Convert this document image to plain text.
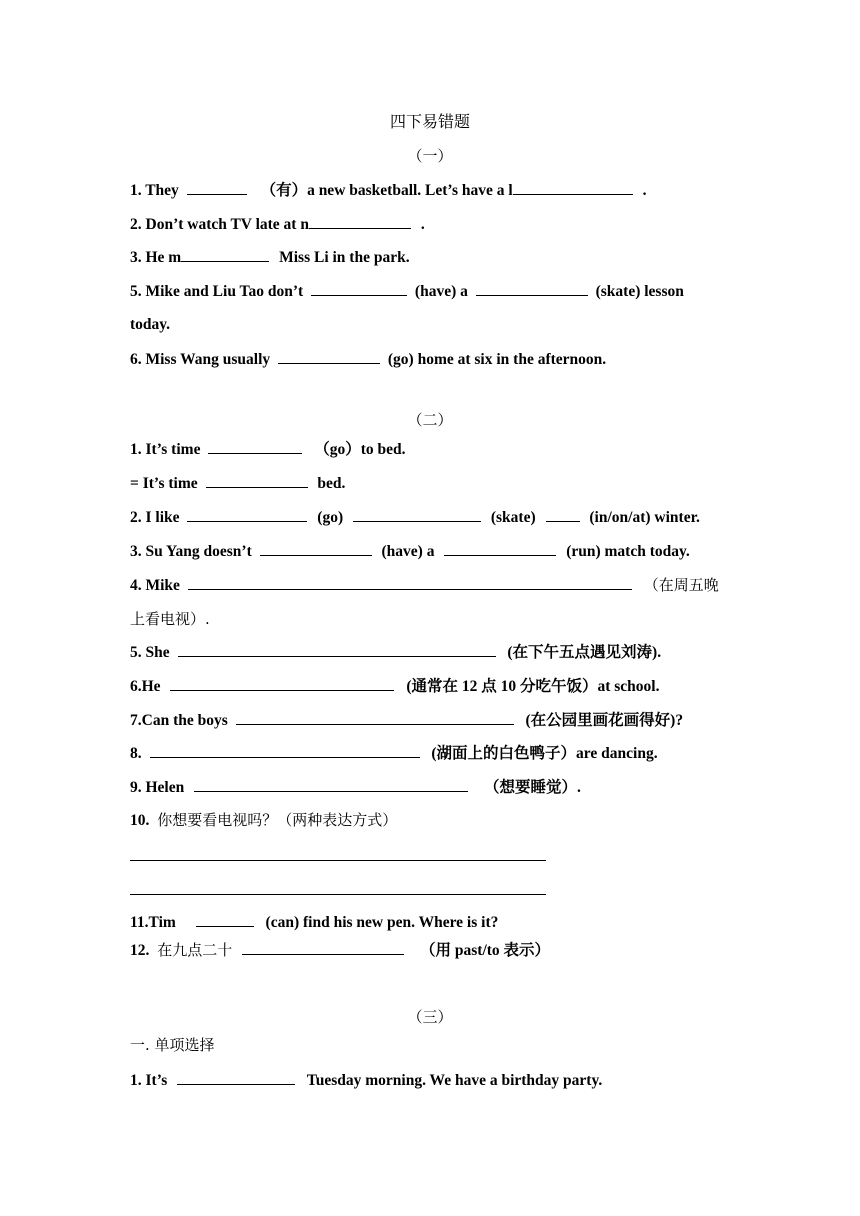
四下易错题
（一）
1. They	（有）a new basketball. Let’s have a l	.
2. Don’t watch TV late at n	.
3. He m	Miss Li in the park.
5. Mike and Liu Tao don’t	(have) a	(skate) lesson
today.
6. Miss Wang usually	(go) home at six in the afternoon.
（二）
1. It’s time	（go）to bed.
= It’s time	bed.
2. I like	(go)	(skate)	(in/on/at) winter.
3. Su Yang doesn’t	(have) a	(run) match today.
4. Mike	（在周五晚
上看电视）.
5. She	(在下午五点遇见刘涛).
6.He	(通常在 12 点 10 分吃午饭）at school.
7.Can the boys	(在公园里画花画得好)?
8.	(湖面上的白色鸭子）are dancing.
9. Helen	（想要睡觉）.
10. 你想要看电视吗？（两种表达方式）
11.Tim	(can) find his new pen. Where is it?
12. 在九点二十	（用 past/to 表示）
（三）
一. 单项选择
1. It’s	Tuesday morning. We have a birthday party.
